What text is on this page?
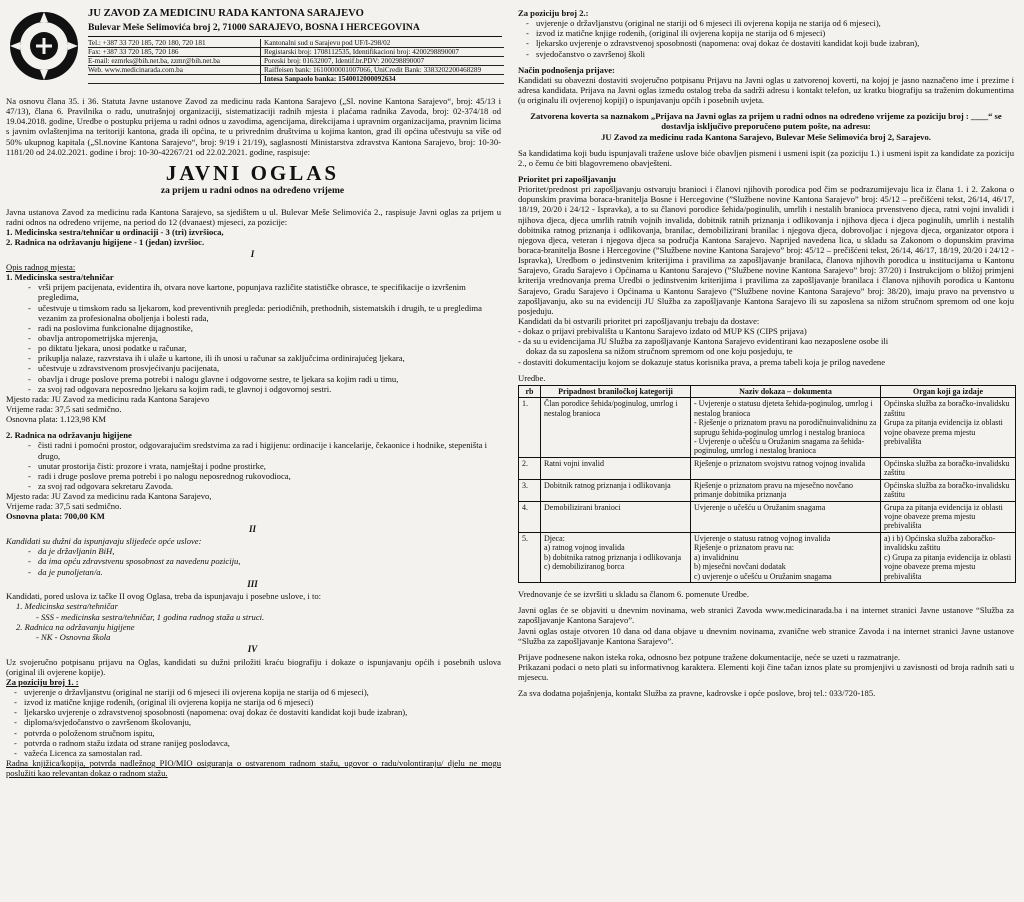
JU ZAVOD ZA MEDICINU RADA KANTONA SARAJEVO
Bulevar Meše Selimovića broj 2, 71000 SARAJEVO, BOSNA I HERCEGOVINA
Tel.: +387 33 720 185, 720 180, 720 181	Kantonalni sud u Sarajevu pod UF/I-298/02
Fax: +387 33 720 185, 720 186	Registarski broj: 1708112535, Identifikacioni broj: 4200298890007
E-mail: ezmrks@bih.net.ba, zzmr@bih.net.ba	Poreski broj: 01632007, Identif.br.PDV: 200298890007
Web. www.medicinarada.com.ba	Raiffeisen bank: 1610000001007066, UniCredit Bank: 3383202200468289
Intesa Sanpaolo banka: 1540012000092634
Na osnovu člana 35. i 36. Statuta Javne ustanove Zavod za medicinu rada Kantona Sarajevo („Sl. novine Kantona Sarajevo“, broj: 45/13 i 47/13), člana 6. Pravilnika o radu, unutrašnjoj organizaciji, sistematizaciji radnih mjesta i plaćama radnika Zavoda, broj: 02-374/18 od 19.04.2018. godine, Uredbe o postupku prijema u radni odnos u zavodima, agencijama, direkcijama i upravnim organizacijama, pravnim licima s javnim ovlaštenjima na teritoriji kantona, grada ili općina, te u privrednim društvima u kojima kanton, grad ili općina učestvuju sa više od 50% ukupnog kapitala („Sl.novine Kantona Sarajevo“, broj: 9/19 i 21/19), saglasnosti Ministarstva zdravstva Kantona Sarajevo, broj: 10-30-1181/20 od 24.02.2021. godine i broj: 10-30-42267/21 od 22.02.2021. godine, raspisuje:
JAVNI OGLAS
za prijem u radni odnos na određeno vrijeme
Javna ustanova Zavod za medicinu rada Kantona Sarajevo, sa sjedištem u ul. Bulevar Meše Selimovića 2., raspisuje Javni oglas za prijem u radni odnos na određeno vrijeme, na period do 12 (dvanaest) mjeseci, za pozicije:
1. Medicinska sestra/tehničar u ordinaciji - 3 (tri) izvršioca,
2. Radnica na održavanju higijene - 1 (jedan) izvršioc.
I
Opis radnog mjesta:
1. Medicinska sestra/tehničar
- vrši prijem pacijenata, evidentira ih, otvara nove kartone, popunjava različite statističke obrasce, te specifikacije o izvršenim pregledima,
- učestvuje u timskom radu sa ljekarom, kod preventivnih pregleda: periodičnih, prethodnih, sistematskih i drugih, te u pregledima vezanim za profesionalna oboljenja i bolesti rada,
- radi na poslovima funkcionalne dijagnostike,
- obavlja antropometrijska mjerenja,
- po diktatu ljekara, unosi podatke u računar,
- prikuplja nalaze, razvrstava ih i ulaže u kartone, ili ih unosi u računar sa zaključcima ordinirajućeg ljekara,
- učestvuje u zdravstvenom prosvjećivanju pacijenata,
- obavlja i druge poslove prema potrebi i nalogu glavne i odgovorne sestre, te ljekara sa kojim radi u timu,
- za svoj rad odgovara neposredno ljekaru sa kojim radi, te glavnoj i odgovornoj sestri.
Mjesto rada: JU Zavod za medicinu rada Kantona Sarajevo
Vrijeme rada: 37,5 sati sedmično.
Osnovna plata: 1.123,98 KM
2. Radnica na održavanju higijene
- čisti radni i pomoćni prostor, odgovarajućim sredstvima za rad i higijenu: ordinacije i kancelarije, čekaonice i hodnike, stepeništa i drugo,
- unutar prostorija čisti: prozore i vrata, namještaj i podne prostirke,
- radi i druge poslove prema potrebi i po nalogu neposrednog rukovodioca,
- za svoj rad odgovara sekretaru Zavoda.
Mjesto rada: JU Zavod za medicinu rada Kantona Sarajevo,
Vrijeme rada: 37,5 sati sedmično.
Osnovna plata: 700,00 KM
II
Kandidati su dužni da ispunjavaju slijedeće opće uslove:
- da je državljanin BiH,
- da ima opću zdravstvenu sposobnost za navedenu poziciju,
- da je punoljetan/a.
III
Kandidati, pored uslova iz tačke II ovog Oglasa, treba da ispunjavaju i posebne uslove, i to:
1. Medicinska sestra/tehničar
- SSS - medicinska sestra/tehničar, 1 godina radnog staža u struci.
2. Radnica na održavanju higijene
- NK - Osnovna škola
IV
Uz svojeručno potpisanu prijavu na Oglas, kandidati su dužni priložiti kraću biografiju i dokaze o ispunjavanju općih i posebnih uslova (original ili ovjerene kopije).
Za poziciju broj 1. :
- uvjerenje o državljanstvu (original ne stariji od 6 mjeseci ili ovjerena kopija ne starija od 6 mjeseci),
- izvod iz matične knjige rođenih, (original ili ovjerena kopija ne starija od 6 mjeseci)
- ljekarsko uvjerenje o zdravstvenoj sposobnosti (napomena: ovaj dokaz će dostaviti kandidat koji bude izabran),
- diploma/svjedočanstvo o završenom školovanju,
- potvrda o položenom stručnom ispitu,
- potvrda o radnom stažu izdata od strane ranijeg poslodavca,
- važeća Licenca za samostalan rad.
Radna knjižica/kopija, potvrda nadležnog PIO/MIO osiguranja o ostvarenom radnom stažu, ugovor o radu/volontiranju/ djelu ne mogu poslužiti kao relevantan dokaz o radnom stažu.
Za poziciju broj 2.:
- uvjerenje o državljanstvu (original ne stariji od 6 mjeseci ili ovjerena kopija ne starija od 6 mjeseci),
- izvod iz matične knjige rođenih, (original ili ovjerena kopija ne starija od 6 mjeseci)
- ljekarsko uvjerenje o zdravstvenoj sposobnosti (napomena: ovaj dokaz će dostaviti kandidat koji bude izabran),
- svjedočanstvo o završenoj školi
Način podnošenja prijave:
Kandidati su obavezni dostaviti svojeručno potpisanu Prijavu na Javni oglas u zatvorenoj koverti, na kojoj je jasno naznačeno ime i prezime i adresa kandidata. Prijava na Javni oglas između ostalog treba da sadrži adresu i kontakt telefon, uz kratku biografiju sa traženim dokumentima (u originalu ili ovjerenoj kopiji) o ispunjavanju općih i posebnih uvjeta.
Zatvorena koverta sa naznakom „Prijava na Javni oglas za prijem u radni odnos na određeno vrijeme za poziciju broj : ____“ se dostavlja isključivo preporučeno putem pošte, na adresu:
JU Zavod za medicinu rada Kantona Sarajevo, Bulevar Meše Selimovića broj 2, Sarajevo.
Sa kandidatima koji budu ispunjavali tražene uslove biće obavljen pismeni i usmeni ispit (za poziciju 1.) i usmeni ispit za kandidate za poziciju 2., o čemu će biti blagovremeno obavješteni.
Prioritet pri zapošljavanju
Prioritet/prednost pri zapošljavanju ostvaruju branioci i članovi njihovih porodica pod čim se podrazumijevaju lica iz člana 1. i 2. Zakona o dopunskim pravima boraca-branitelja Bosne i Hercegovine (”Službene novine Kantona Sarajevo” broj: 45/12 – prečišćeni tekst, 26/14, 46/17, 18/19, 20/20 i 24/12 - Ispravka), a to su članovi porodice šehida/poginulih, umrlih i nestalih branioca prvenstveno djeca, ratni vojni invalidi i njihova djeca, djeca umrlih ratnih vojnih invalida, dobitnik ratnih priznanja i odlikovanja i njihova djeca i djeca poginulih, umrlih i nestalih dobitnika ratnog priznanja i odlikovanja, branilac, demobilizirani branilac i njegova djeca, dobrovoljac i njegova djeca, organizator otpora i njegova djeca, veteran i njegova djeca sa područja Kantona Sarajevo. Naprijed navedena lica, u skladu sa Zakonom o dopunskim pravima boraca-branitelja Bosne i Hercegovine (”Službene novine Kantona Sarajevo” broj: 45/12 – prečišćeni tekst, 26/14, 46/17, 18/19, 20/20 i 24/12 - Ispravka), Uredbom o jedinstvenim kriterijima i pravilima za zapošljavanje branilaca, članova njihovih porodica u institucijama u Kantonu Sarajevo, Gradu Sarajevo i Općinama u Kantonu Sarajevo (”Službene novine Kantona Sarajevo” broj: 37/20) i Instrukcijom o bližoj primjeni kriterija vrednovanja prema Uredbi o jedinstvenim kriterijima i pravilima za zapošljavanje branilaca i članova njihovih porodica u Kantonu Sarajevo, Gradu Sarajevo i Općinama u Kantonu Sarajevo (”Službene novine Kantona Sarajevo” broj: 38/20), imaju pravo na prvenstvo u zapošljavanju, ako su na evidenciji JU Služba za zapošljavanje Kantona Sarajevo ili su zaposlena sa nižom stručnom spremom od one koju posjeduju.
Kandidati da bi ostvarili prioritet pri zapošljavanju trebaju da dostave:
- dokaz o prijavi prebivališta u Kantonu Sarajevo izdato od MUP KS (CIPS prijava)
- da su u evidencijama JU Služba za zapošljavanje Kantona Sarajevo evidentirani kao nezaposlene osobe ili
dokaz da su zaposlena sa nižom stručnom spremom od one koju posjeduju, te
- dostaviti dokumentaciju kojom se dokazuje status korisnika prava, a prema tabeli koja je prilog navedene
Uredbe.
rb	Pripadnost braniločkoj kategoriji	Naziv dokaza – dokumenta	Organ koji ga izdaje
1.	Član porodice šehida/poginulog, umrlog i nestalog branioca	- Uvjerenje o statusu djeteta šehida-poginulog, umrlog i nestalog branioca
- Rješenje o priznatom pravu na porodičnuinvalidninu za suprugu šehida-poginulog umrlog i nestalog branioca
- Uvjerenje o učešću u Oružanim snagama za šehida-poginulog, umrlog i nestalog branioca	Općinska služba za boračko-invalidsku zaštitu
Grupa za pitanja evidencija iz oblasti vojne obaveze prema mjestu prebivališta
2.	Ratni vojni invalid	Rješenje o priznatom svojstvu ratnog vojnog invalida	Općinska služba za boračko-invalidsku zaštitu
3.	Dobitnik ratnog priznanja i odlikovanja	Rješenje o priznatom pravu na mjesečno novčano primanje dobitnika priznanja	Općinska služba za boračko-invalidsku zaštitu
4.	Demobilizirani branioci	Uvjerenje o učešću u Oružanim snagama	Grupa za pitanja evidencija iz oblasti vojne obaveze prema mjestu prebivališta
5.	Djeca:
a) ratnog vojnog invalida
b) dobitnika ratnog priznanja i odlikovanja
c) demobiliziranog borca	Uvjerenje o statusu ratnog vojnog invalida
Rješenje o priznatom pravu na:
a) invalidninu
b) mjesečni novčani dodatak
c) uvjerenje o učešću u Oružanim snagama	a) i b) Općinska služba zaboračko-invalidsku zaštitu
c) Grupa za pitanja evidencija iz oblasti vojne obaveze prema mjestu prebivališta
Vrednovanje će se izvršiti u skladu sa članom 6. pomenute Uredbe.
Javni oglas će se objaviti u dnevnim novinama, web stranici Zavoda www.medicinarada.ba i na internet stranici Javne ustanove “Služba za zapošljavanje Kantona Sarajevo”.
Javni oglas ostaje otvoren 10 dana od dana objave u dnevnim novinama, zvanične web stranice Zavoda i na internet stranici Javne ustanove “Služba za zapošljavanje Kantona Sarajevo”.
Prijave podnesene nakon isteka roka, odnosno bez potpune tražene dokumentacije, neće se uzeti u razmatranje.
Prikazani podaci o neto plati su informativnog karaktera. Elementi koji čine tačan iznos plate su promjenjivi u zavisnosti od broja radnih sati u mjesecu.
Za sva dodatna pojašnjenja, kontakt Služba za pravne, kadrovske i opće poslove, broj tel.: 033/720-185.
